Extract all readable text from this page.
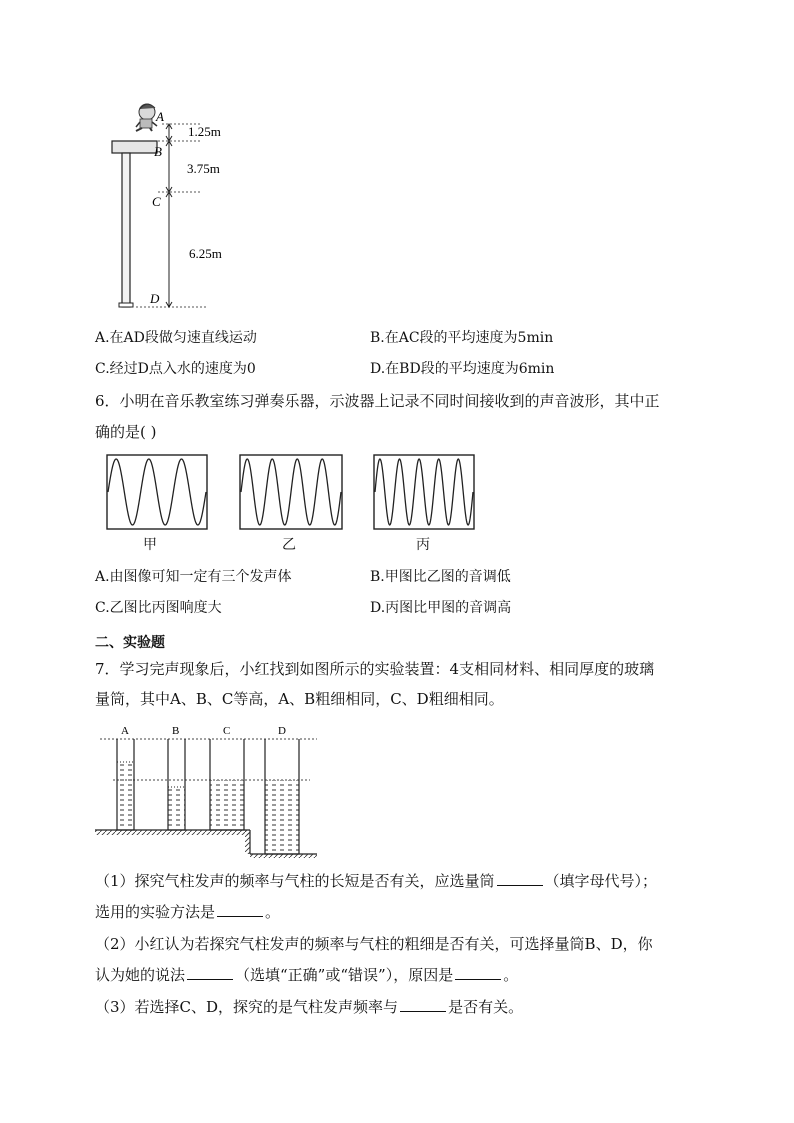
A
B
C
D
1.25m
3.75m
6.25m
A.在AD段做匀速直线运动	B.在AC段的平均速度为5min
C.经过D点入水的速度为0	D.在BD段的平均速度为6min
6．小明在音乐教室练习弹奏乐器，示波器上记录不同时间接收到的声音波形，其中正
确的是( )
甲	乙	丙
A.由图像可知一定有三个发声体	B.甲图比乙图的音调低
C.乙图比丙图响度大	D.丙图比甲图的音调高
二、实验题
7．学习完声现象后，小红找到如图所示的实验装置：4支相同材料、相同厚度的玻璃
量筒，其中A、B、C等高，A、B粗细相同，C、D粗细相同。
A	B	C	D
（1）探究气柱发声的频率与气柱的长短是否有关，应选量筒	（填字母代号）；
选用的实验方法是	。
（2）小红认为若探究气柱发声的频率与气柱的粗细是否有关，可选择量筒B、D，你
认为她的说法	（选填“正确”或“错误”），原因是	。
（3）若选择C、D，探究的是气柱发声频率与	是否有关。
